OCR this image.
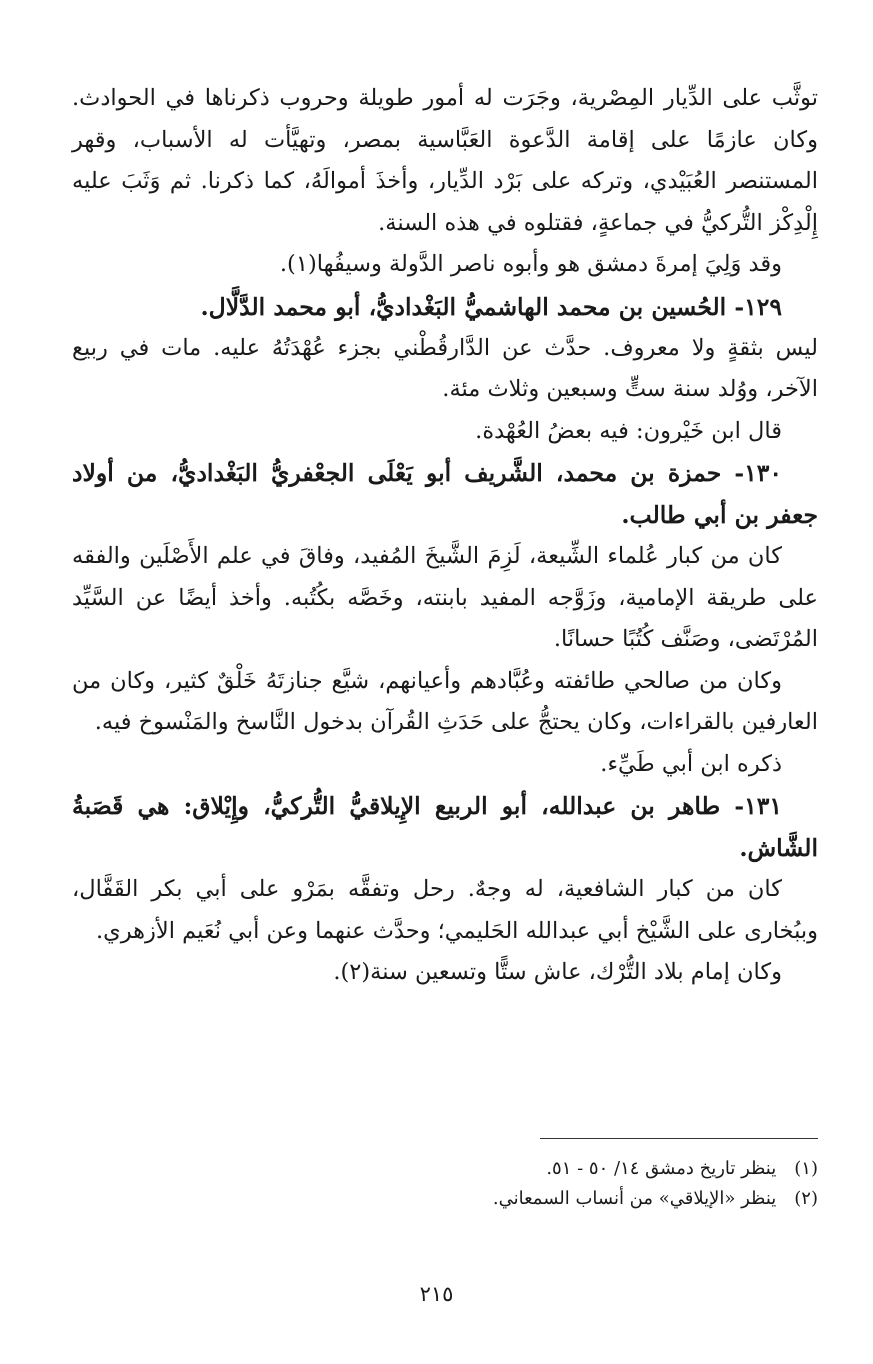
توثَّب على الدِّيار المِصْرية، وجَرَت له أمور طويلة وحروب ذكرناها في الحوادث. وكان عازمًا على إقامة الدَّعوة العَبَّاسية بمصر، وتهيَّأت له الأسباب، وقهر المستنصر العُبَيْدي، وتركه على بَرْد الدِّيار، وأخذَ أموالَهُ، كما ذكرنا. ثم وَثَبَ عليه إِلْدِكْز التُّركيُّ في جماعةٍ، فقتلوه في هذه السنة.

وقد وَلِيَ إمرةَ دمشق هو وأبوه ناصر الدَّولة وسيفُها(١).

١٢٩- الحُسين بن محمد الهاشميُّ البَغْداديُّ، أبو محمد الدَّلَّال.

ليس بثقةٍ ولا معروف. حدَّث عن الدَّارقُطْني بجزء عُهْدَتُهُ عليه. مات في ربيع الآخر، ووُلد سنة ستٍّ وسبعين وثلاث مئة.

قال ابن خَيْرون: فيه بعضُ العُهْدة.

١٣٠- حمزة بن محمد، الشَّريف أبو يَعْلَى الجعْفريُّ البَغْداديُّ، من أولاد جعفر بن أبي طالب.

كان من كبار عُلماء الشِّيعة، لَزِمَ الشَّيخَ المُفيد، وفاقَ في علم الأَصْلَين والفقه على طريقة الإمامية، وزَوَّجه المفيد بابنته، وخَصَّه بكُتُبه. وأخذ أيضًا عن السَّيِّد المُرْتَضى، وصَنَّف كُتُبًا حسانًا.

وكان من صالحي طائفته وعُبَّادهم وأعيانهم، شيَّع جنازتَهُ خَلْقٌ كثير، وكان من العارفين بالقراءات، وكان يحتجُّ على حَدَثِ القُرآن بدخول النَّاسخ والمَنْسوخ فيه.

ذكره ابن أبي طَيِّء.

١٣١- طاهر بن عبدالله، أبو الربيع الإِيلاقيُّ التُّركيُّ، وإِيْلاق: هي قَصَبةُ الشَّاش.

كان من كبار الشافعية، له وجهٌ. رحل وتفقَّه بمَرْو على أبي بكر القَفَّال، وببُخارى على الشَّيْخ أبي عبدالله الحَليمي؛ وحدَّث عنهما وعن أبي نُعَيم الأزهري.

وكان إمام بلاد التُّرْك، عاش ستًّا وتسعين سنة(٢).

(١)ينظر تاريخ دمشق ١٤/ ٥٠ - ٥١.

(٢)ينظر «الإيلاقي» من أنساب السمعاني.

٢١٥
